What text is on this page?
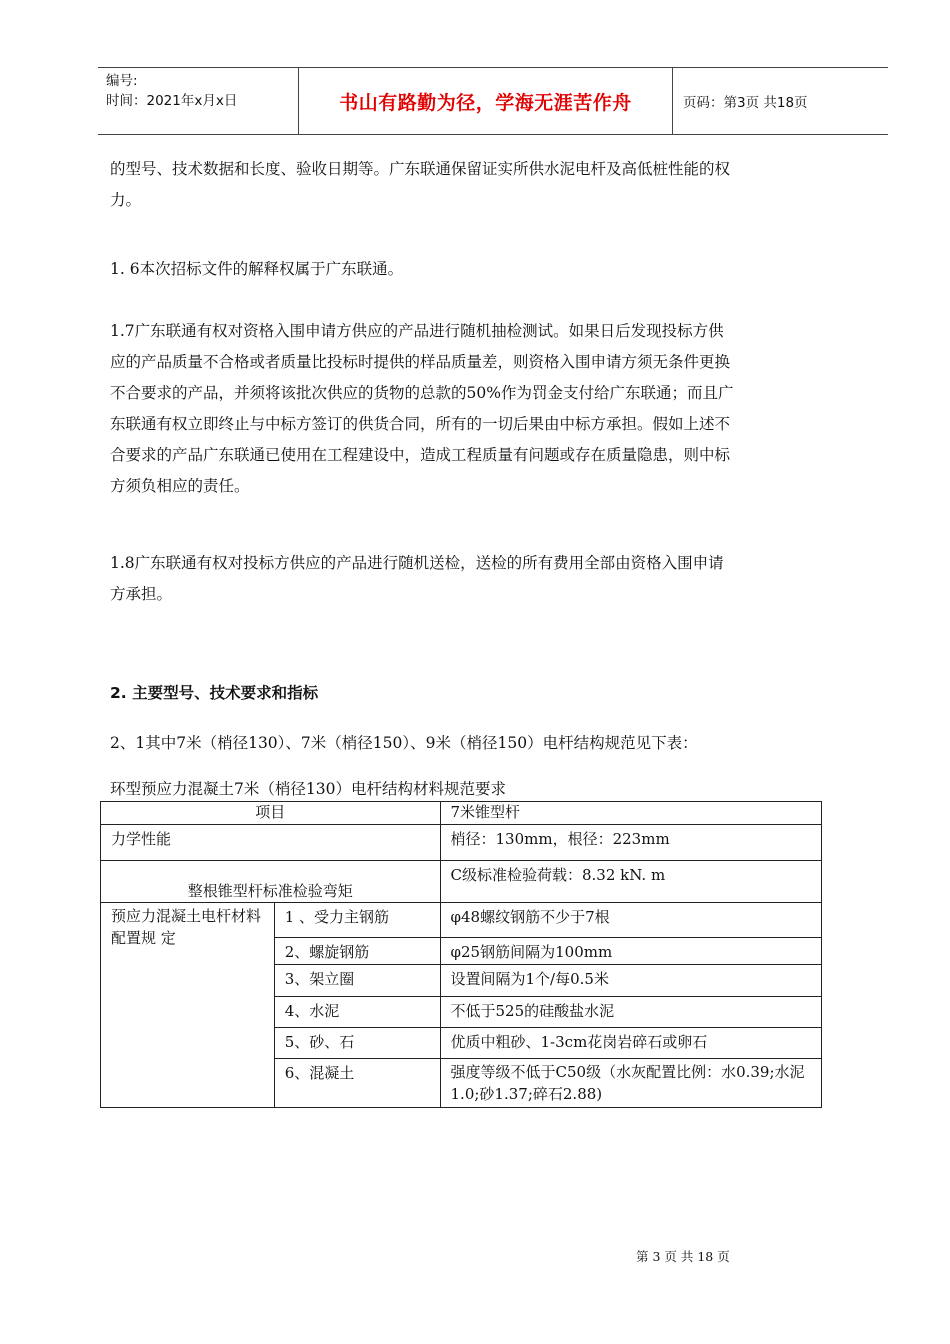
编号:
时间：2021年x月x日	书山有路勤为径，学海无涯苦作舟	页码：第3页 共18页

的型号、技术数据和长度、验收日期等。广东联通保留证实所供水泥电杆及高低桩性能的权

力。

1. 6本次招标文件的解释权属于广东联通。

1.7广东联通有权对资格入围申请方供应的产品进行随机抽检测试。如果日后发现投标方供

应的产品质量不合格或者质量比投标时提供的样品质量差，则资格入围申请方须无条件更换

不合要求的产品，并须将该批次供应的货物的总款的50%作为罚金支付给广东联通；而且广

东联通有权立即终止与中标方签订的供货合同，所有的一切后果由中标方承担。假如上述不

合要求的产品广东联通已使用在工程建设中，造成工程质量有问题或存在质量隐患，则中标

方须负相应的责任。

1.8广东联通有权对投标方供应的产品进行随机送检，送检的所有费用全部由资格入围申请

方承担。

2. 主要型号、技术要求和指标

2、1其中7米（梢径130）、7米（梢径150）、9米（梢径150）电杆结构规范见下表：

环型预应力混凝土7米（梢径130）电杆结构材料规范要求

项目		7米锥型杆
力学性能		梢径：130mm，根径：223mm
整根锥型杆标准检验弯矩		C级标准检验荷载：8.32 kN. m
预应力混凝土电杆材料配置规 定	1 、受力主钢筋	φ48螺纹钢筋不少于7根
	2、螺旋钢筋	φ25钢筋间隔为100mm
	3、架立圈	设置间隔为1个/每0.5米
	4、水泥	不低于525的硅酸盐水泥
	5、砂、石	优质中粗砂、1-3cm花岗岩碎石或卵石
	6、混凝土	强度等级不低于C50级（水灰配置比例：水0.39;水泥1.0;砂1.37;碎石2.88)
第 3 页 共 18 页
